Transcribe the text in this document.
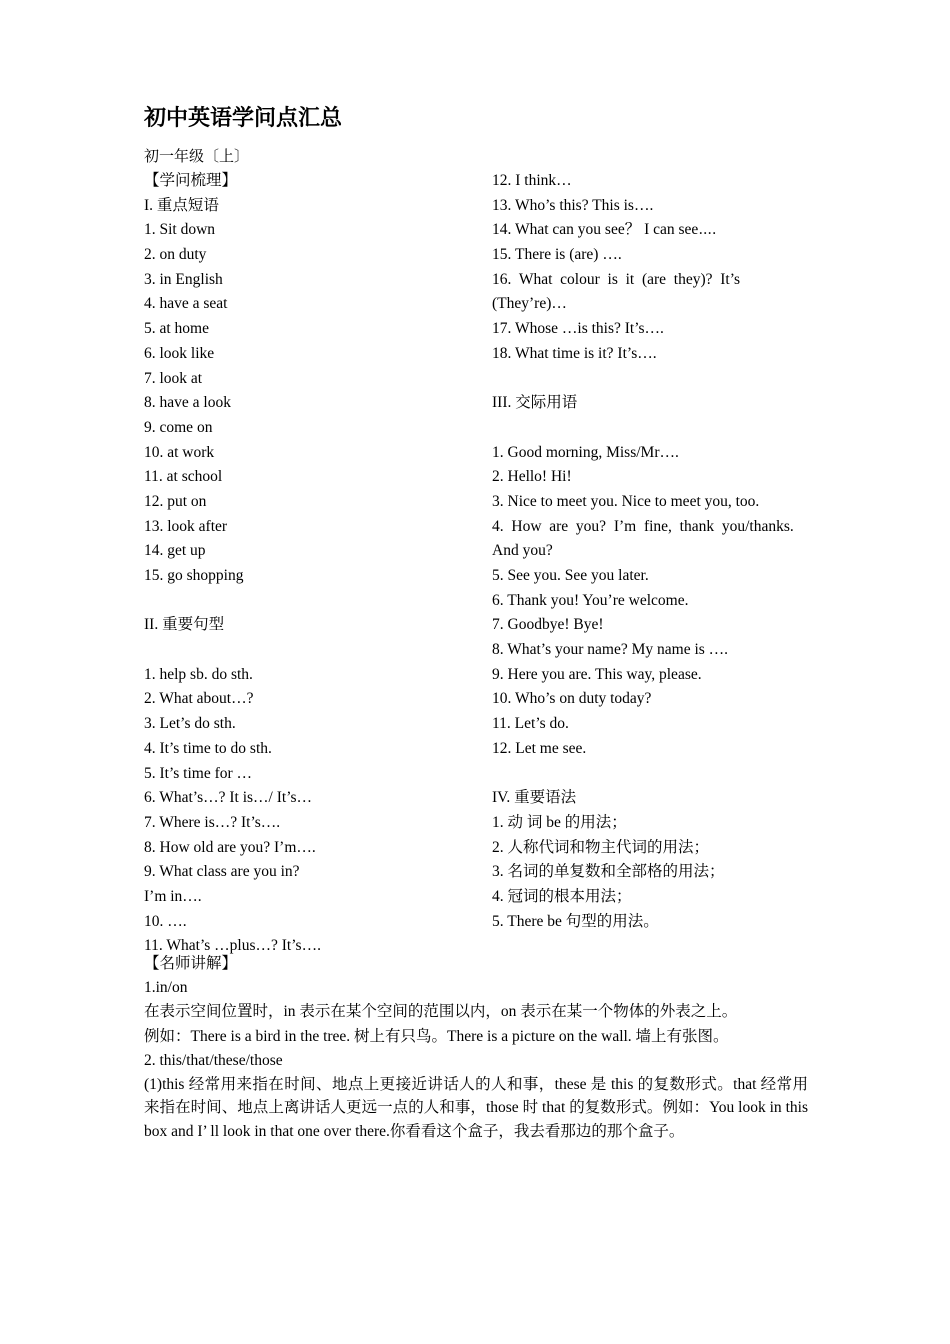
初中英语学问点汇总
初一年级〔上〕
【学问梳理】
I. 重点短语
1. Sit down
2. on duty
3. in English
4. have a seat
5. at home
6. look like
7. look at
8. have a look
9. come on
10. at work
11. at school
12. put on
13. look after
14. get up
15. go shopping
II. 重要句型
1. help sb. do sth.
2. What about…?
3. Let’s do sth.
4. It’s time to do sth.
5. It’s time for …
6. What’s…? It is…/ It’s…
7. Where is…? It’s….
8. How old are you? I’m….
9. What class are you in?
I’m in….
10. ….
11. What’s …plus…? It’s….
12. I think…
13. Who’s this? This is….
14. What can you see？ I can see⋯.
15. There is (are) ….
16.  What  colour  is  it  (are  they)?  It’s
(They’re)…
17. Whose …is this? It’s….
18. What time is it? It’s….
III. 交际用语
1. Good morning, Miss/Mr….
2. Hello! Hi!
3. Nice to meet you. Nice to meet you, too.
4.  How  are  you?  I’m  fine,  thank  you/thanks.
And you?
5. See you. See you later.
6. Thank you! You’re welcome.
7. Goodbye! Bye!
8. What’s your name? My name is ….
9. Here you are. This way, please.
10. Who’s on duty today?
11. Let’s do.
12. Let me see.
IV. 重要语法
1. 动 词 be 的用法；
2. 人称代词和物主代词的用法；
3. 名词的单复数和全部格的用法；
4. 冠词的根本用法；
5. There be 句型的用法。
【名师讲解】
1.in/on
在表示空间位置时，in 表示在某个空间的范围以内，on 表示在某一个物体的外表之上。
例如：There is a bird in the tree. 树上有只鸟。There is a picture on the wall. 墙上有张图。
2. this/that/these/those
(1)this 经常用来指在时间、地点上更接近讲话人的人和事，these 是 this 的复数形式。that 经常用来指在时间、地点上离讲话人更远一点的人和事，those 时 that 的复数形式。例如：You look in this box and I’ ll look in that one over there.你看看这个盒子，我去看那边的那个盒子。
